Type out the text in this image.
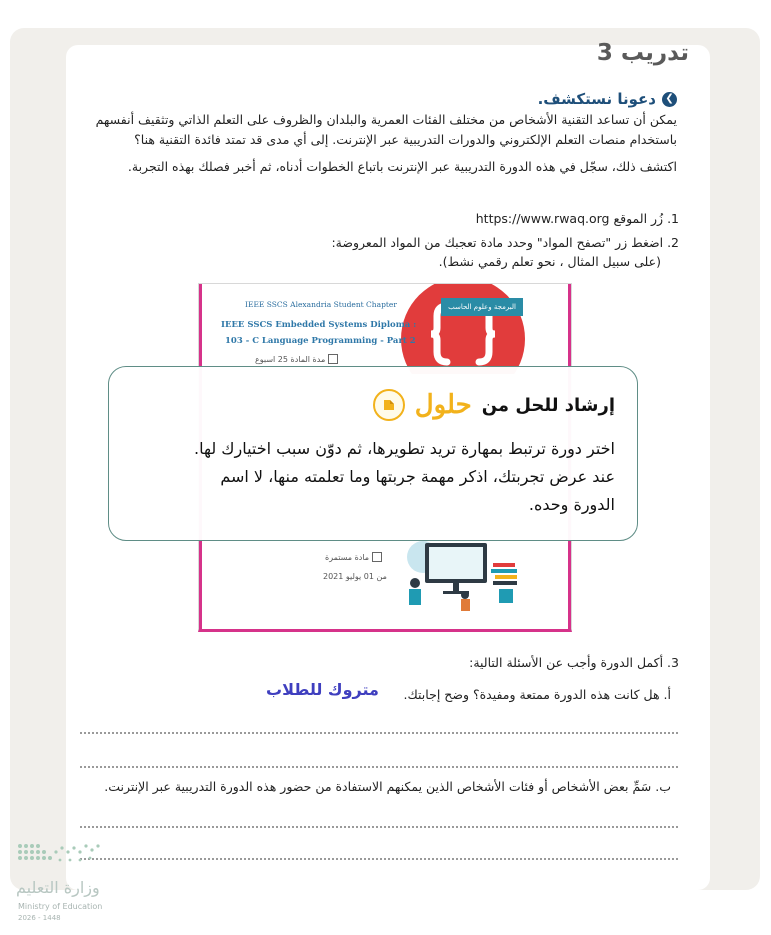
تدريب 3
❯
دعونا نستكشف.
يمكن أن تساعد التقنية الأشخاص من مختلف الفئات العمرية والبلدان والظروف على التعلم الذاتي وتثقيف أنفسهم
باستخدام منصات التعلم الإلكتروني والدورات التدريبية عبر الإنترنت. إلى أي مدى قد تمتد فائدة التقنية هنا؟
اكتشف ذلك، سجّل في هذه الدورة التدريبية عبر الإنترنت باتباع الخطوات أدناه، ثم أخبر فصلك بهذه التجربة.
1. زُر الموقع https://www.rwaq.org
2. اضغط زر "تصفح المواد" وحدد مادة تعجبك من المواد المعروضة:
(على سبيل المثال ، نحو تعلم رقمي نشط).
البرمجة وعلوم الحاسب
IEEE SSCS Alexandria Student Chapter
IEEE SSCS Embedded Systems Diploma :
103 - C Language Programming - Part 2
مدة المادة 25 اسبوع
مادة مستمرة
من 01 يوليو 2021
إرشاد للحل من
حلول
اختر دورة ترتبط بمهارة تريد تطويرها، ثم دوّن سبب اختيارك لها.
عند عرض تجربتك، اذكر مهمة جربتها وما تعلمته منها، لا اسم
الدورة وحده.
3. أكمل الدورة وأجب عن الأسئلة التالية:
أ. هل كانت هذه الدورة ممتعة ومفيدة؟ وضح إجابتك.
متروك للطلاب
ب. سَمِّ بعض الأشخاص أو فئات الأشخاص الذين يمكنهم الاستفادة من حضور هذه الدورة التدريبية عبر الإنترنت.
وزارة التعليم
Ministry of Education
2026 - 1448
